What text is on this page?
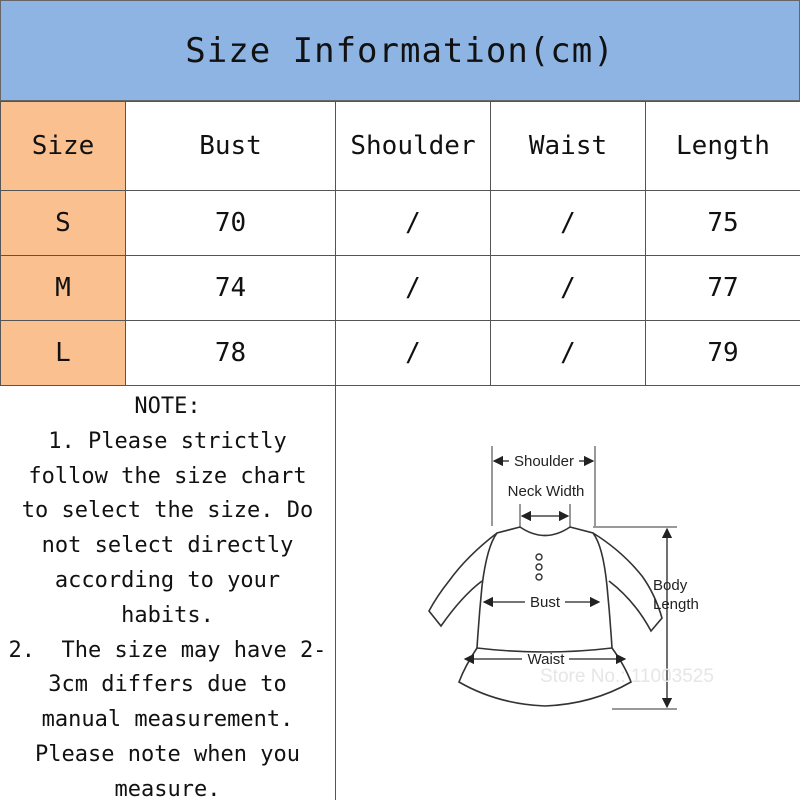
Size Information(cm)
Size	Bust	Shoulder	Waist	Length
S	70	/	/	75
M	74	/	/	77
L	78	/	/	79
NOTE:
1. Please strictly
follow the size chart
to select the size. Do
not select directly
according to your
habits.
2.  The size may have 2-
3cm differs due to
manual measurement.
Please note when you
measure.
Shoulder
Neck Width
Bust
Waist
Body
Length
Store No.: 11003525
